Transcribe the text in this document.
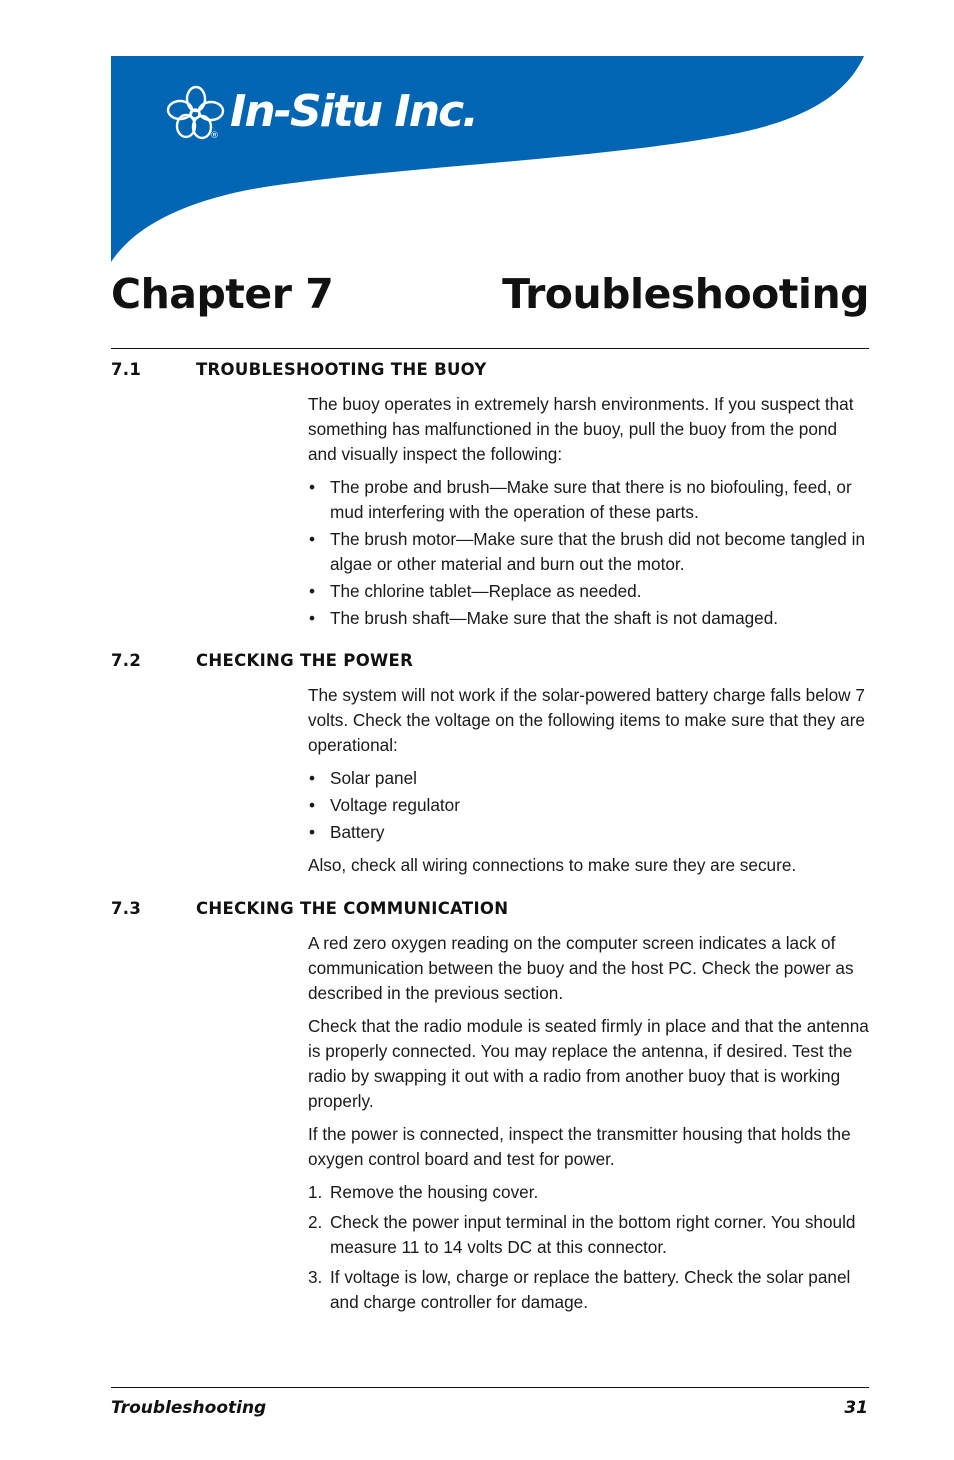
® In-Situ Inc.
Chapter 7	Troubleshooting
7.1	TROUBLESHOOTING THE BUOY

The buoy operates in extremely harsh environments. If you suspect that something has malfunctioned in the buoy, pull the buoy from the pond and visually inspect the following:

• The probe and brush—Make sure that there is no biofouling, feed, or mud interfering with the operation of these parts.
• The brush motor—Make sure that the brush did not become tangled in algae or other material and burn out the motor.
• The chlorine tablet—Replace as needed.
• The brush shaft—Make sure that the shaft is not damaged.
7.2	CHECKING THE POWER

The system will not work if the solar-powered battery charge falls below 7 volts. Check the voltage on the following items to make sure that they are operational:

• Solar panel
• Voltage regulator
• Battery

Also, check all wiring connections to make sure they are secure.

7.3	CHECKING THE COMMUNICATION

A red zero oxygen reading on the computer screen indicates a lack of communication between the buoy and the host PC. Check the power as described in the previous section.

Check that the radio module is seated firmly in place and that the antenna is properly connected. You may replace the antenna, if desired. Test the radio by swapping it out with a radio from another buoy that is working properly.

If the power is connected, inspect the transmitter housing that holds the oxygen control board and test for power.

1. Remove the housing cover.
2. Check the power input terminal in the bottom right corner. You should measure 11 to 14 volts DC at this connector.
3. If voltage is low, charge or replace the battery. Check the solar panel and charge controller for damage.
Troubleshooting	31
